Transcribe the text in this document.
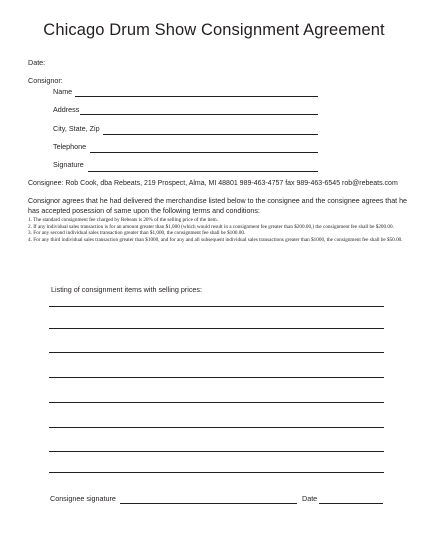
Chicago Drum Show Consignment Agreement
Date:
Consignor:
Name
Address
City, State, Zip
Telephone
Signature
Consignee: Rob Cook, dba Rebeats, 219 Prospect, Alma, MI 48801 989-463-4757 fax 989-463-6545 rob@rebeats.com
Consignor agrees that he had delivered the merchandise listed below to the consignee and the consignee agrees that he has accepted posession of same upon the following terms and conditions:
1. The standard consignment fee charged by Rebeats is 20% of the selling price of the item.
2. If any individual sales transaction is for an amount greater than $1,000 (which would result in a consignment fee greater than $200.00,) the consignment fee shall be $200.00.
3. For any second individual sales transaction greater than $1,000, the consignment fee shall be $100.00.
4. For any third individual sales transaction greater than $1000, and for any and all subsequent individual sales transactions greater than $1000, the consignment fee shall be $50.00.
Listing of consignment items with selling prices:
Consignee signature	Date
